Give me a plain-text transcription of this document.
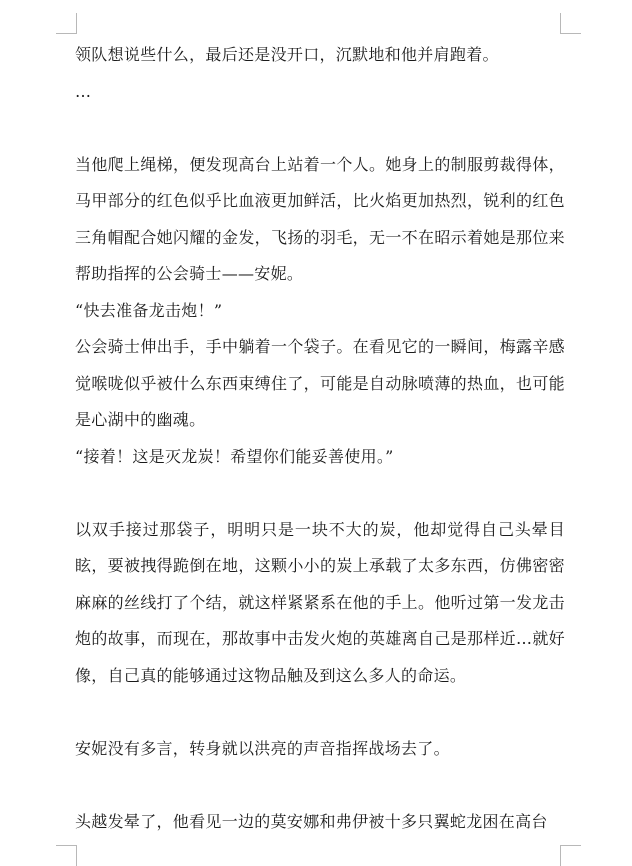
领队想说些什么，最后还是没开口，沉默地和他并肩跑着。

…

当他爬上绳梯，便发现高台上站着一个人。她身上的制服剪裁得体，马甲部分的红色似乎比血液更加鲜活，比火焰更加热烈，锐利的红色三角帽配合她闪耀的金发，飞扬的羽毛，无一不在昭示着她是那位来帮助指挥的公会骑士——安妮。

“快去准备龙击炮！”

公会骑士伸出手，手中躺着一个袋子。在看见它的一瞬间，梅露辛感觉喉咙似乎被什么东西束缚住了，可能是自动脉喷薄的热血，也可能是心湖中的幽魂。

“接着！这是灭龙炭！希望你们能妥善使用。”

以双手接过那袋子，明明只是一块不大的炭，他却觉得自己头晕目眩，要被拽得跪倒在地，这颗小小的炭上承载了太多东西，仿佛密密麻麻的丝线打了个结，就这样紧紧系在他的手上。他听过第一发龙击炮的故事，而现在，那故事中击发火炮的英雄离自己是那样近…就好像，自己真的能够通过这物品触及到这么多人的命运。

安妮没有多言，转身就以洪亮的声音指挥战场去了。

头越发晕了，他看见一边的莫安娜和弗伊被十多只翼蛇龙困在高台
